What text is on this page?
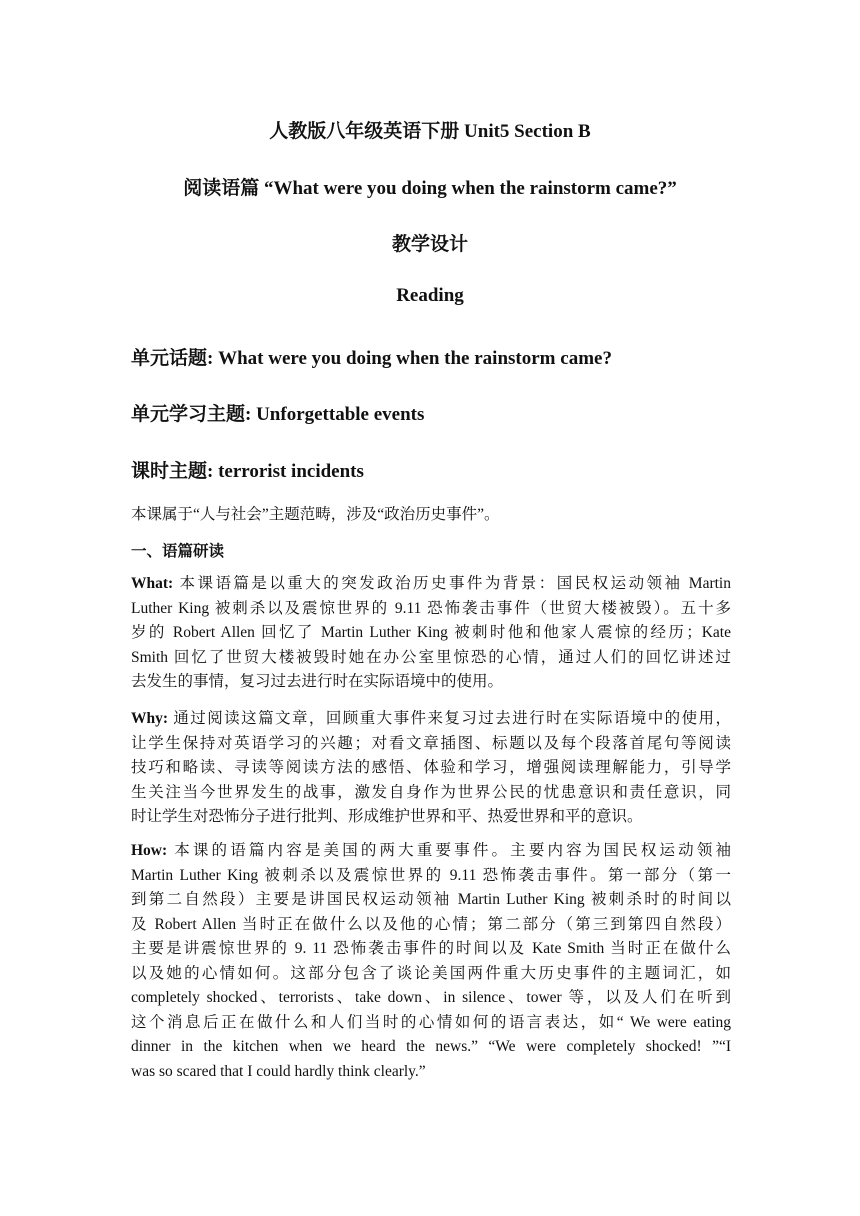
人教版八年级英语下册 Unit5 Section B
阅读语篇 “What were you doing when the rainstorm came?”
教学设计
Reading
单元话题: What were you doing when the rainstorm came?
单元学习主题: Unforgettable events
课时主题: terrorist incidents
本课属于“人与社会”主题范畴，涉及“政治历史事件”。
一、语篇研读
What: 本课语篇是以重大的突发政治历史事件为背景：国民权运动领袖 Martin
Luther King 被刺杀以及震惊世界的 9.11 恐怖袭击事件（世贸大楼被毁）。五十多
岁的 Robert Allen 回忆了 Martin Luther King 被刺时他和他家人震惊的经历；Kate
Smith 回忆了世贸大楼被毁时她在办公室里惊恐的心情，通过人们的回忆讲述过
去发生的事情，复习过去进行时在实际语境中的使用。
Why: 通过阅读这篇文章，回顾重大事件来复习过去进行时在实际语境中的使用，
让学生保持对英语学习的兴趣；对看文章插图、标题以及每个段落首尾句等阅读
技巧和略读、寻读等阅读方法的感悟、体验和学习，增强阅读理解能力，引导学
生关注当今世界发生的战事，激发自身作为世界公民的忧患意识和责任意识，同
时让学生对恐怖分子进行批判、形成维护世界和平、热爱世界和平的意识。
How: 本课的语篇内容是美国的两大重要事件。主要内容为国民权运动领袖
Martin Luther King 被刺杀以及震惊世界的 9.11 恐怖袭击事件。第一部分（第一
到第二自然段）主要是讲国民权运动领袖 Martin Luther King 被刺杀时的时间以
及 Robert Allen 当时正在做什么以及他的心情；第二部分（第三到第四自然段）
主要是讲震惊世界的 9. 11 恐怖袭击事件的时间以及 Kate Smith 当时正在做什么
以及她的心情如何。这部分包含了谈论美国两件重大历史事件的主题词汇，如
completely shocked、terrorists、take down、in silence、tower 等，以及人们在听到
这个消息后正在做什么和人们当时的心情如何的语言表达，如“ We were eating
dinner in the kitchen when we heard the news.” “We were completely shocked! ”“I
was so scared that I could hardly think clearly.”
